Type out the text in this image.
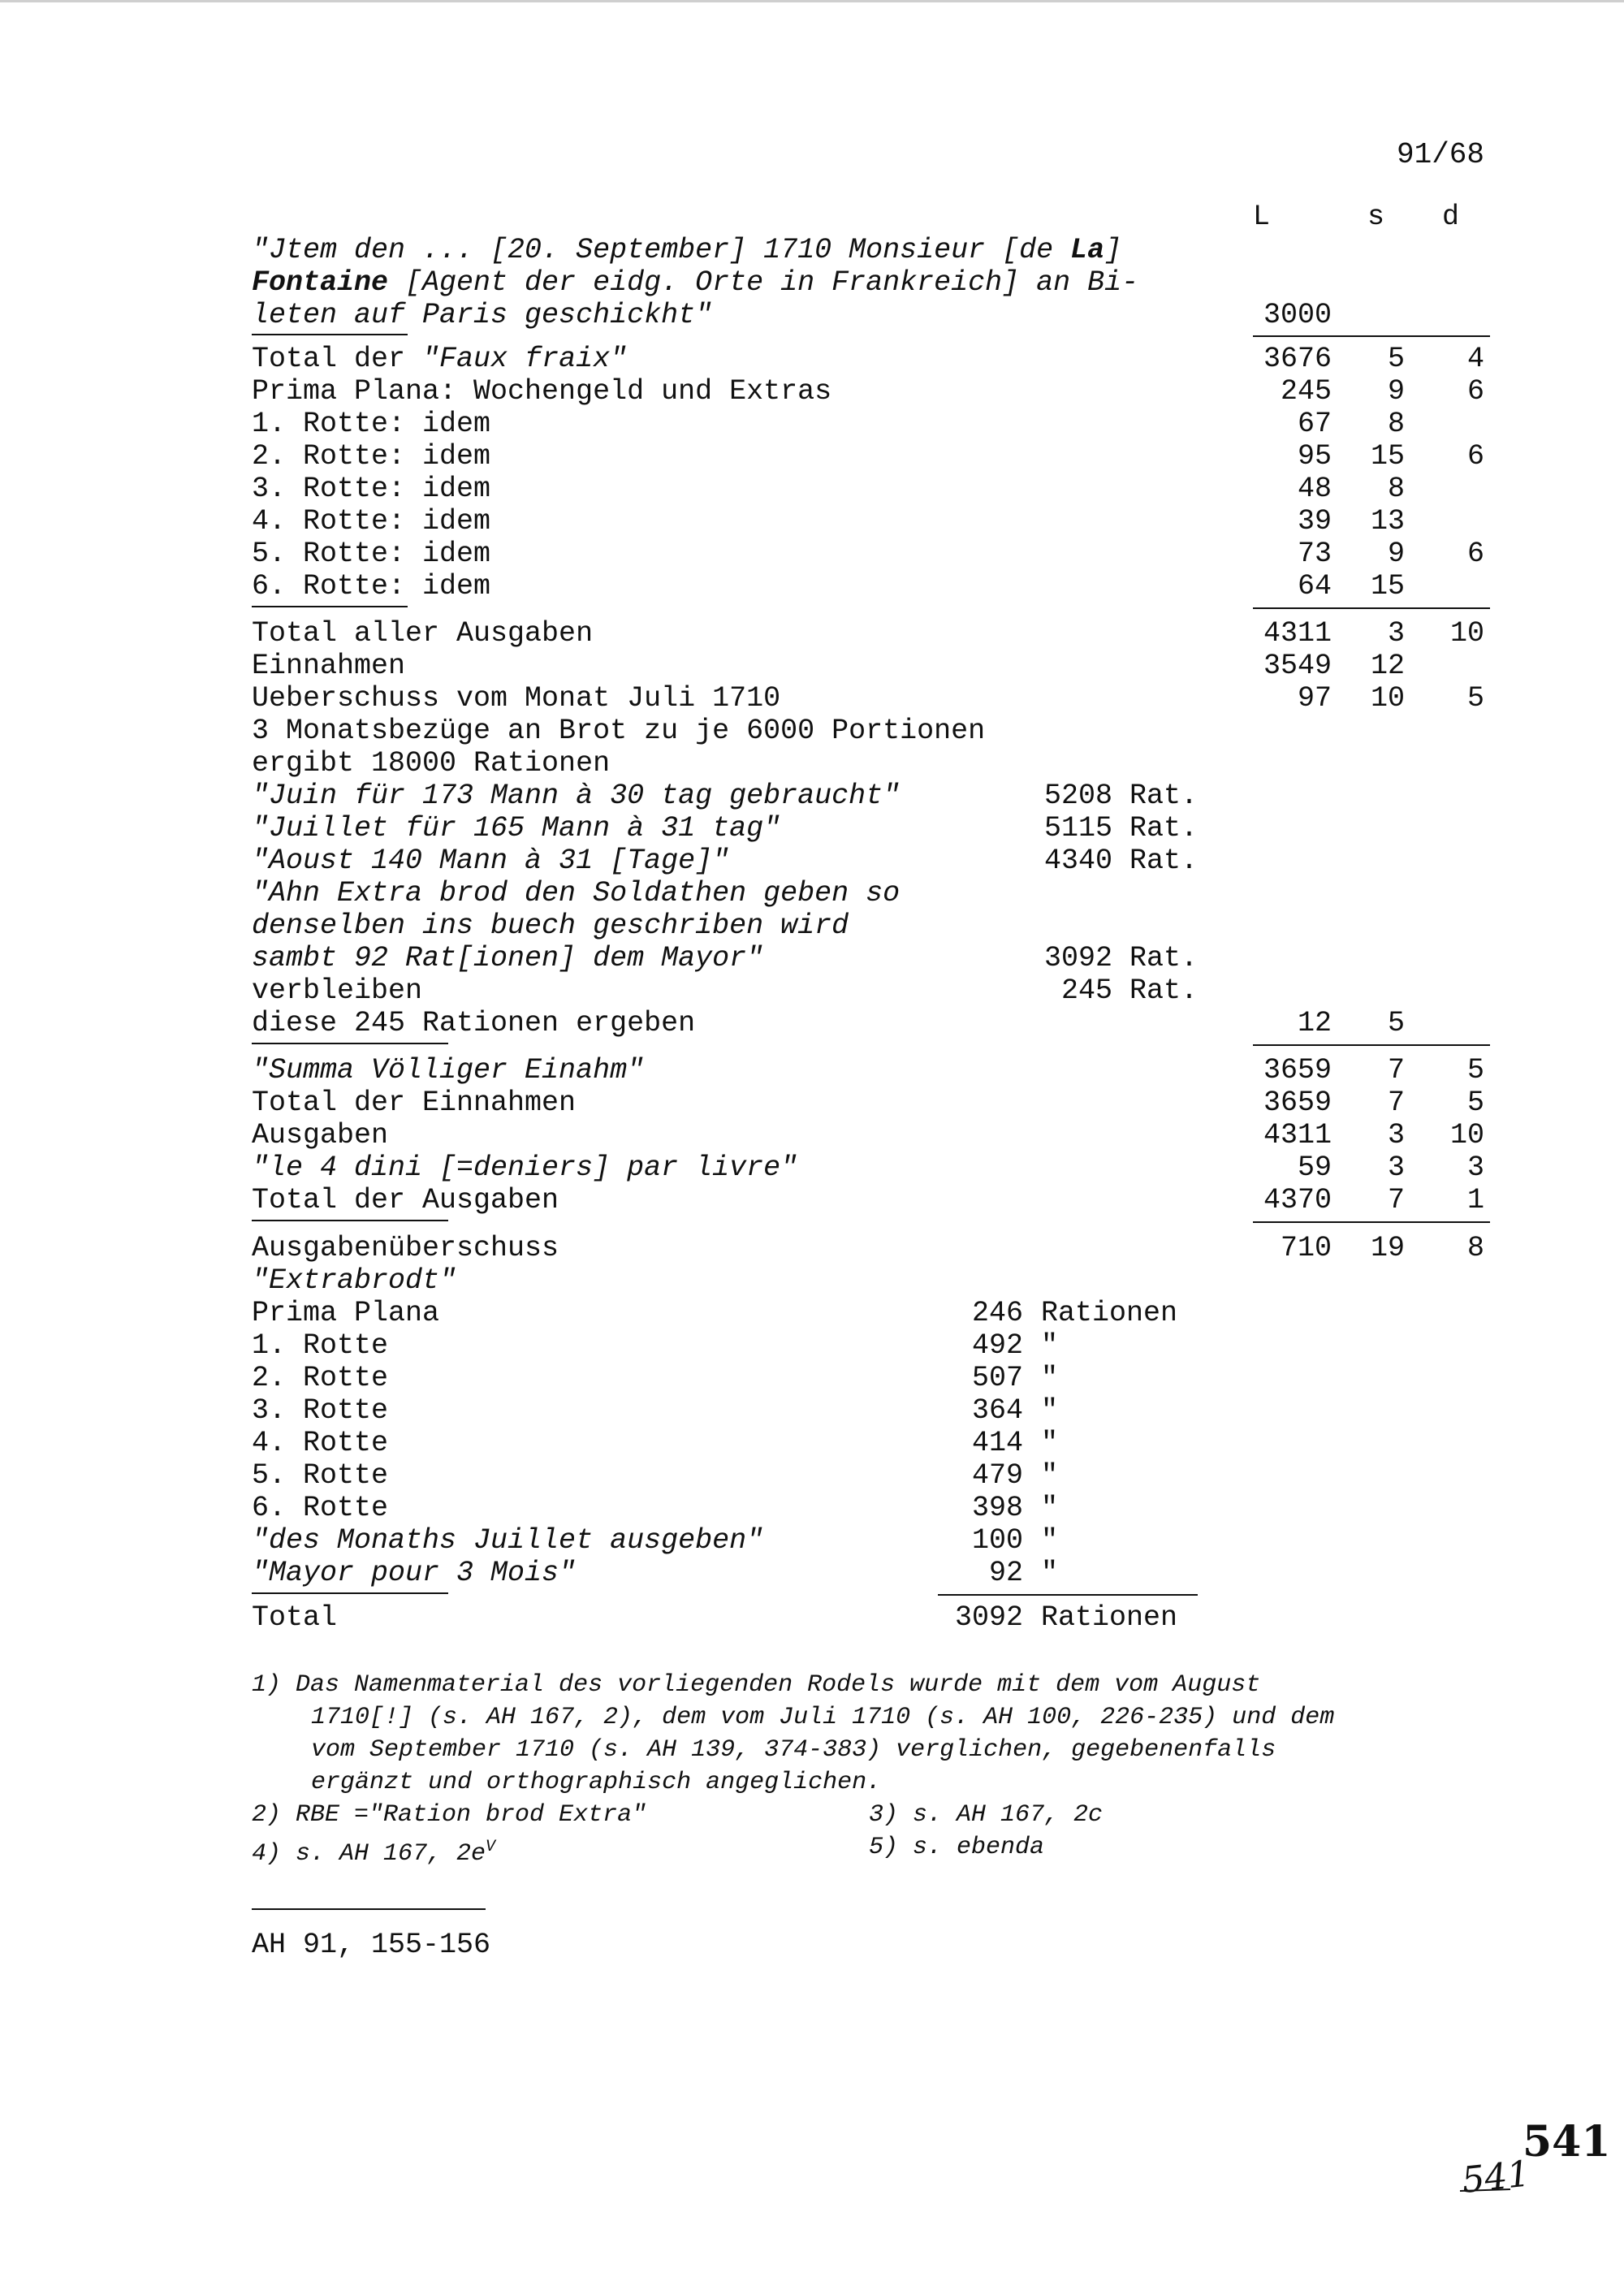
91/68
L	s d
"Jtem den ... [20. September] 1710 Monsieur [de La]
Fontaine [Agent der eidg. Orte in Frankreich] an Bi-
leten auf Paris geschickht"	3000
Total der "Faux fraix"	3676	5	4
Prima Plana: Wochengeld und Extras	245	9	6
1. Rotte: idem	67	8
2. Rotte: idem	95	15	6
3. Rotte: idem	48	8
4. Rotte: idem	39	13
5. Rotte: idem	73	9	6
6. Rotte: idem	64	15
Total aller Ausgaben	4311	3	10
Einnahmen	3549	12
Ueberschuss vom Monat Juli 1710	97	10	5
3 Monatsbezüge an Brot zu je 6000 Portionen
ergibt 18000 Rationen
"Juin für 173 Mann à 30 tag gebraucht"	5208 Rat.
"Juillet für 165 Mann à 31 tag"	5115 Rat.
"Aoust 140 Mann à 31 [Tage]"	4340 Rat.
"Ahn Extra brod den Soldathen geben so
denselben ins buech geschriben wird
sambt 92 Rat[ionen] dem Mayor"	3092 Rat.
verbleiben	245 Rat.
diese 245 Rationen ergeben	12	5
"Summa Völliger Einahm"	3659	7	5
Total der Einnahmen	3659	7	5
Ausgaben	4311	3	10
"le 4 dini [=deniers] par livre"	59	3	3
Total der Ausgaben	4370	7	1
Ausgabenüberschuss	710	19	8
"Extrabrodt"
Prima Plana	246 Rationen
1. Rotte	492 "
2. Rotte	507 "
3. Rotte	364 "
4. Rotte	414 "
5. Rotte	479 "
6. Rotte	398 "
"des Monaths Juillet ausgeben"	100 "
"Mayor pour 3 Mois"	92 "
Total	3092 Rationen
1) Das Namenmaterial des vorliegenden Rodels wurde mit dem vom August
1710[!] (s. AH 167, 2), dem vom Juli 1710 (s. AH 100, 226-235) und dem
vom September 1710 (s. AH 139, 374-383) verglichen, gegebenenfalls
ergänzt und orthographisch angeglichen.
2) RBE ="Ration brod Extra"	3) s. AH 167, 2c
4) s. AH 167, $2e^V$	5) s. ebenda
AH 91, 155-156
541
541
